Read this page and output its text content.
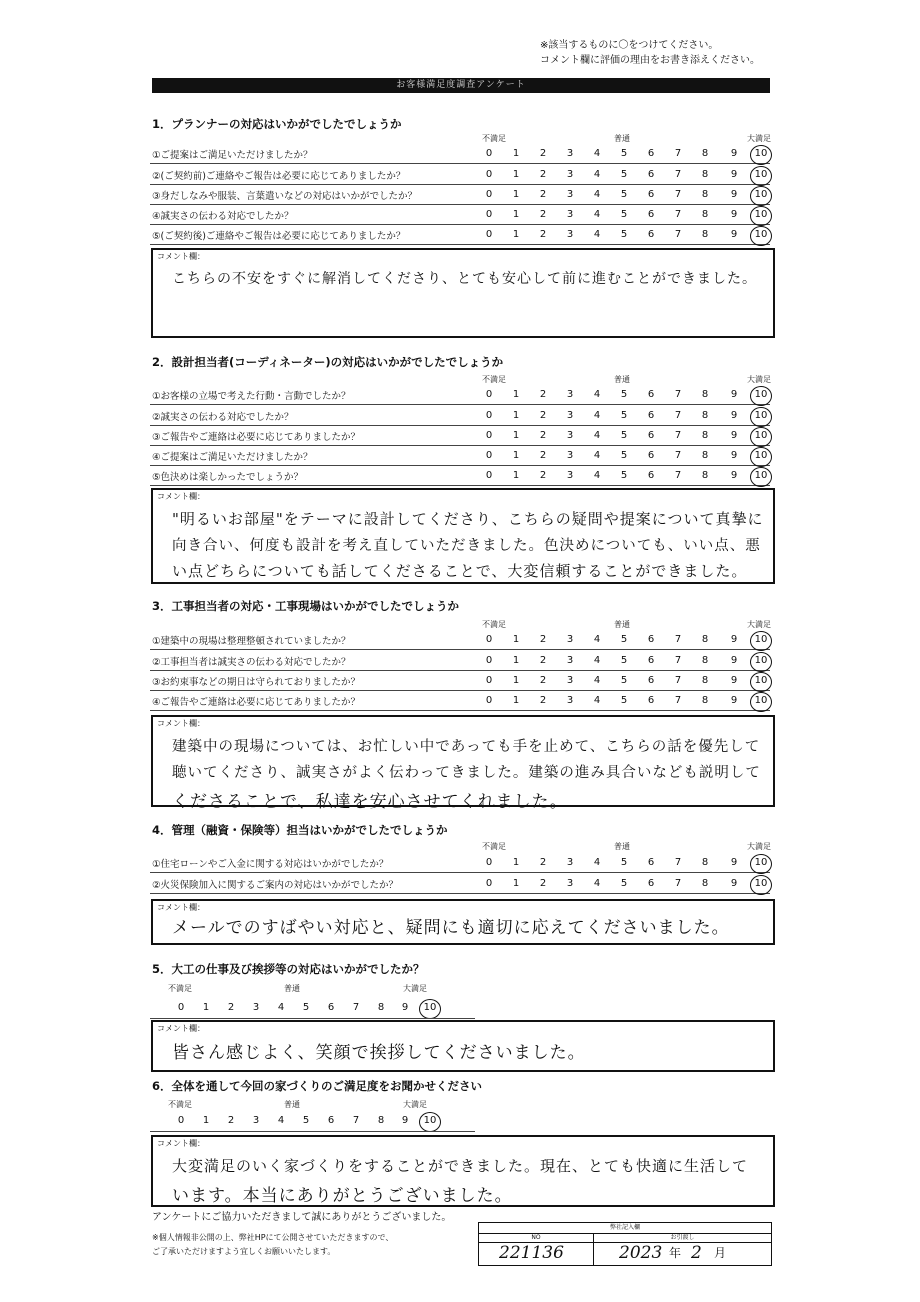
※該当するものに〇をつけてください。
コメント欄に評価の理由をお書き添えください。
お客様満足度調査アンケート
1．プランナーの対応はいかがでしたでしょうか
不満足	普通	大満足
①ご提案はご満足いただけましたか？	0	1	2	3	4	5	6	7	8	9	10
②(ご契約前)ご連絡やご報告は必要に応じてありましたか？	0	1	2	3	4	5	6	7	8	9	10
③身だしなみや服装、言葉遣いなどの対応はいかがでしたか？	0	1	2	3	4	5	6	7	8	9	10
④誠実さの伝わる対応でしたか？	0	1	2	3	4	5	6	7	8	9	10
⑤(ご契約後)ご連絡やご報告は必要に応じてありましたか？	0	1	2	3	4	5	6	7	8	9	10
コメント欄：
こちらの不安をすぐに解消してくださり、とても安心して前に進むことができました。
2．設計担当者(コーディネーター)の対応はいかがでしたでしょうか
不満足	普通	大満足
①お客様の立場で考えた行動・言動でしたか？	0	1	2	3	4	5	6	7	8	9	10
②誠実さの伝わる対応でしたか？	0	1	2	3	4	5	6	7	8	9	10
③ご報告やご連絡は必要に応じてありましたか？	0	1	2	3	4	5	6	7	8	9	10
④ご提案はご満足いただけましたか？	0	1	2	3	4	5	6	7	8	9	10
⑤色決めは楽しかったでしょうか？	0	1	2	3	4	5	6	7	8	9	10
コメント欄：
"明るいお部屋"をテーマに設計してくださり、こちらの疑問や提案について真摯に
向き合い、何度も設計を考え直していただきました。色決めについても、いい点、悪
い点どちらについても話してくださることで、大変信頼することができました。
3．工事担当者の対応・工事現場はいかがでしたでしょうか
不満足	普通	大満足
①建築中の現場は整理整頓されていましたか？	0	1	2	3	4	5	6	7	8	9	10
②工事担当者は誠実さの伝わる対応でしたか？	0	1	2	3	4	5	6	7	8	9	10
③お約束事などの期日は守られておりましたか？	0	1	2	3	4	5	6	7	8	9	10
④ご報告やご連絡は必要に応じてありましたか？	0	1	2	3	4	5	6	7	8	9	10
コメント欄：
建築中の現場については、お忙しい中であっても手を止めて、こちらの話を優先して
聴いてくださり、誠実さがよく伝わってきました。建築の進み具合いなども説明して
くださることで、私達を安心させてくれました。
4．管理（融資・保険等）担当はいかがでしたでしょうか
不満足	普通	大満足
①住宅ローンやご入金に関する対応はいかがでしたか？	0	1	2	3	4	5	6	7	8	9	10
②火災保険加入に関するご案内の対応はいかがでしたか？	0	1	2	3	4	5	6	7	8	9	10
コメント欄：
メールでのすばやい対応と、疑問にも適切に応えてくださいました。
5．大工の仕事及び挨拶等の対応はいかがでしたか？
不満足	普通	大満足
0	1	2	3	4	5	6	7	8	9	10
コメント欄：
皆さん感じよく、笑顔で挨拶してくださいました。
6．全体を通して今回の家づくりのご満足度をお聞かせください
不満足	普通	大満足
0	1	2	3	4	5	6	7	8	9	10
コメント欄：
大変満足のいく家づくりをすることができました。現在、とても快適に生活して
います。本当にありがとうございました。
アンケートにご協力いただきまして誠にありがとうございました。
※個人情報非公開の上、弊社HPにて公開させていただきますので、
ご了承いただけますよう宜しくお願いいたします。
弊社記入欄
NO	お引渡し
221136	2023 年 2 月
